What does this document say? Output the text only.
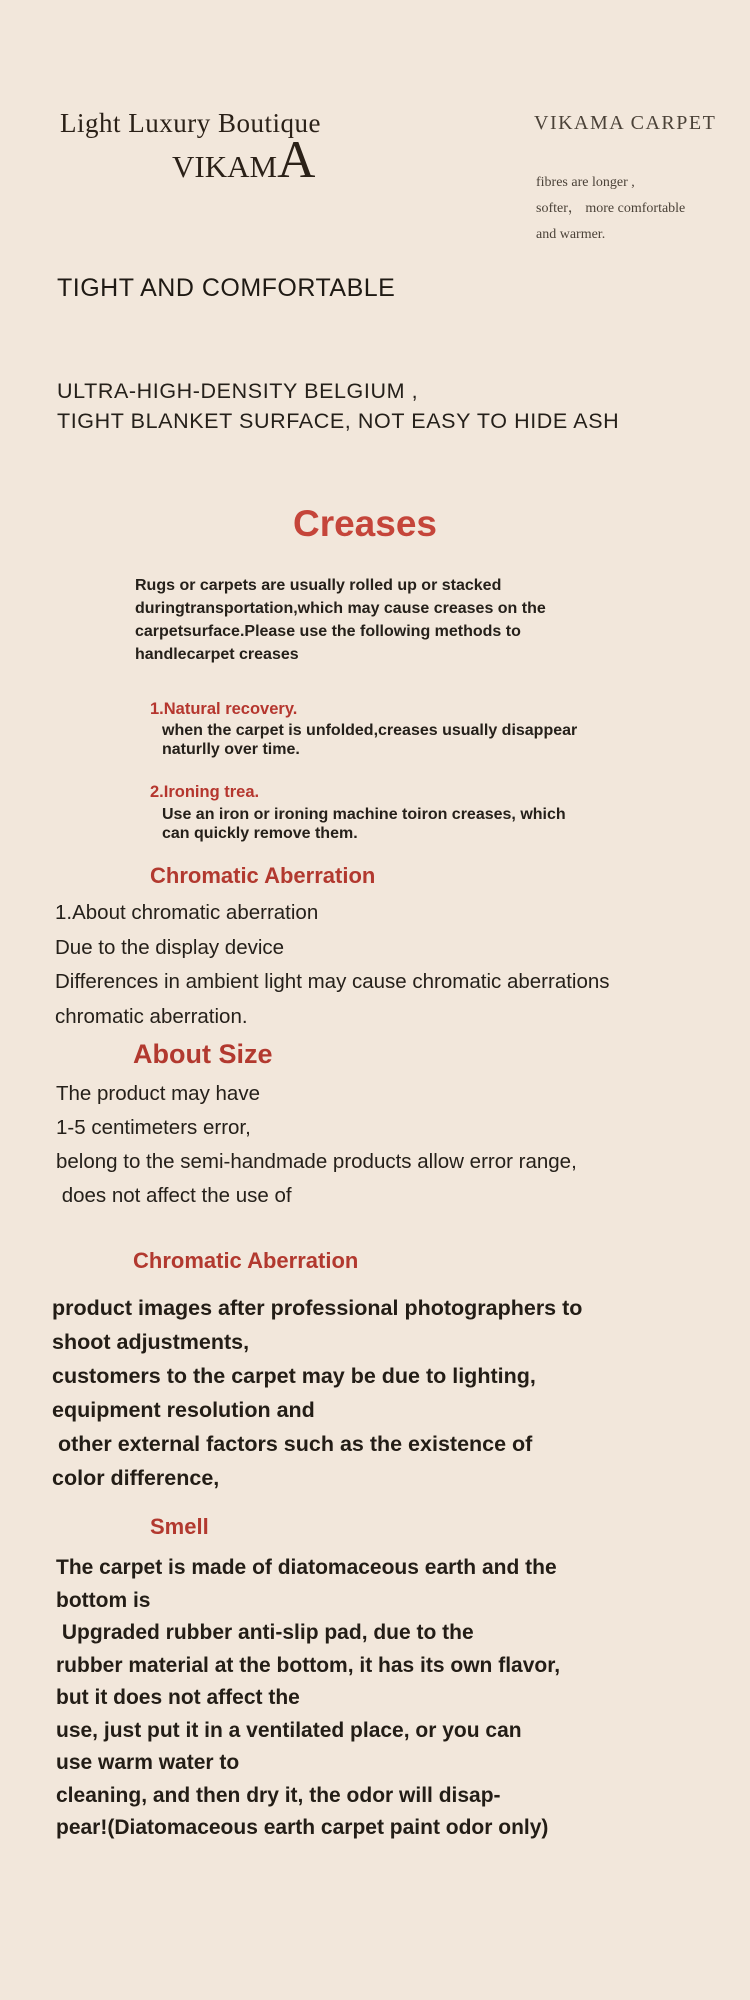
Light Luxury Boutique
VIKAMA
VIKAMA CARPET
fibres are longer ,
softer， more comfortable
and warmer.
TIGHT AND COMFORTABLE
ULTRA-HIGH-DENSITY BELGIUM ,
TIGHT BLANKET SURFACE, NOT EASY TO HIDE ASH
Creases
Rugs or carpets are usually rolled up or stacked
duringtransportation,which may cause creases on the
carpetsurface.Please use the following methods to
handlecarpet creases
1.Natural recovery.
when the carpet is unfolded,creases usually disappear
naturlly over time.
2.Ironing trea.
Use an iron or ironing machine toiron creases, which
can quickly remove them.
Chromatic Aberration
1.About chromatic aberration
Due to the display device
Differences in ambient light may cause chromatic aberrations
chromatic aberration.
About Size
The product may have
1-5 centimeters error,
belong to the semi-handmade products allow error range,
does not affect the use of
Chromatic Aberration
product images after professional photographers to
shoot adjustments,
customers to the carpet may be due to lighting,
equipment resolution and
other external factors such as the existence of
color difference,
Smell
The carpet is made of diatomaceous earth and the
bottom is
Upgraded rubber anti-slip pad, due to the
rubber material at the bottom, it has its own flavor,
but it does not affect the
use, just put it in a ventilated place, or you can
use warm water to
cleaning, and then dry it, the odor will disap-
pear!(Diatomaceous earth carpet paint odor only)
